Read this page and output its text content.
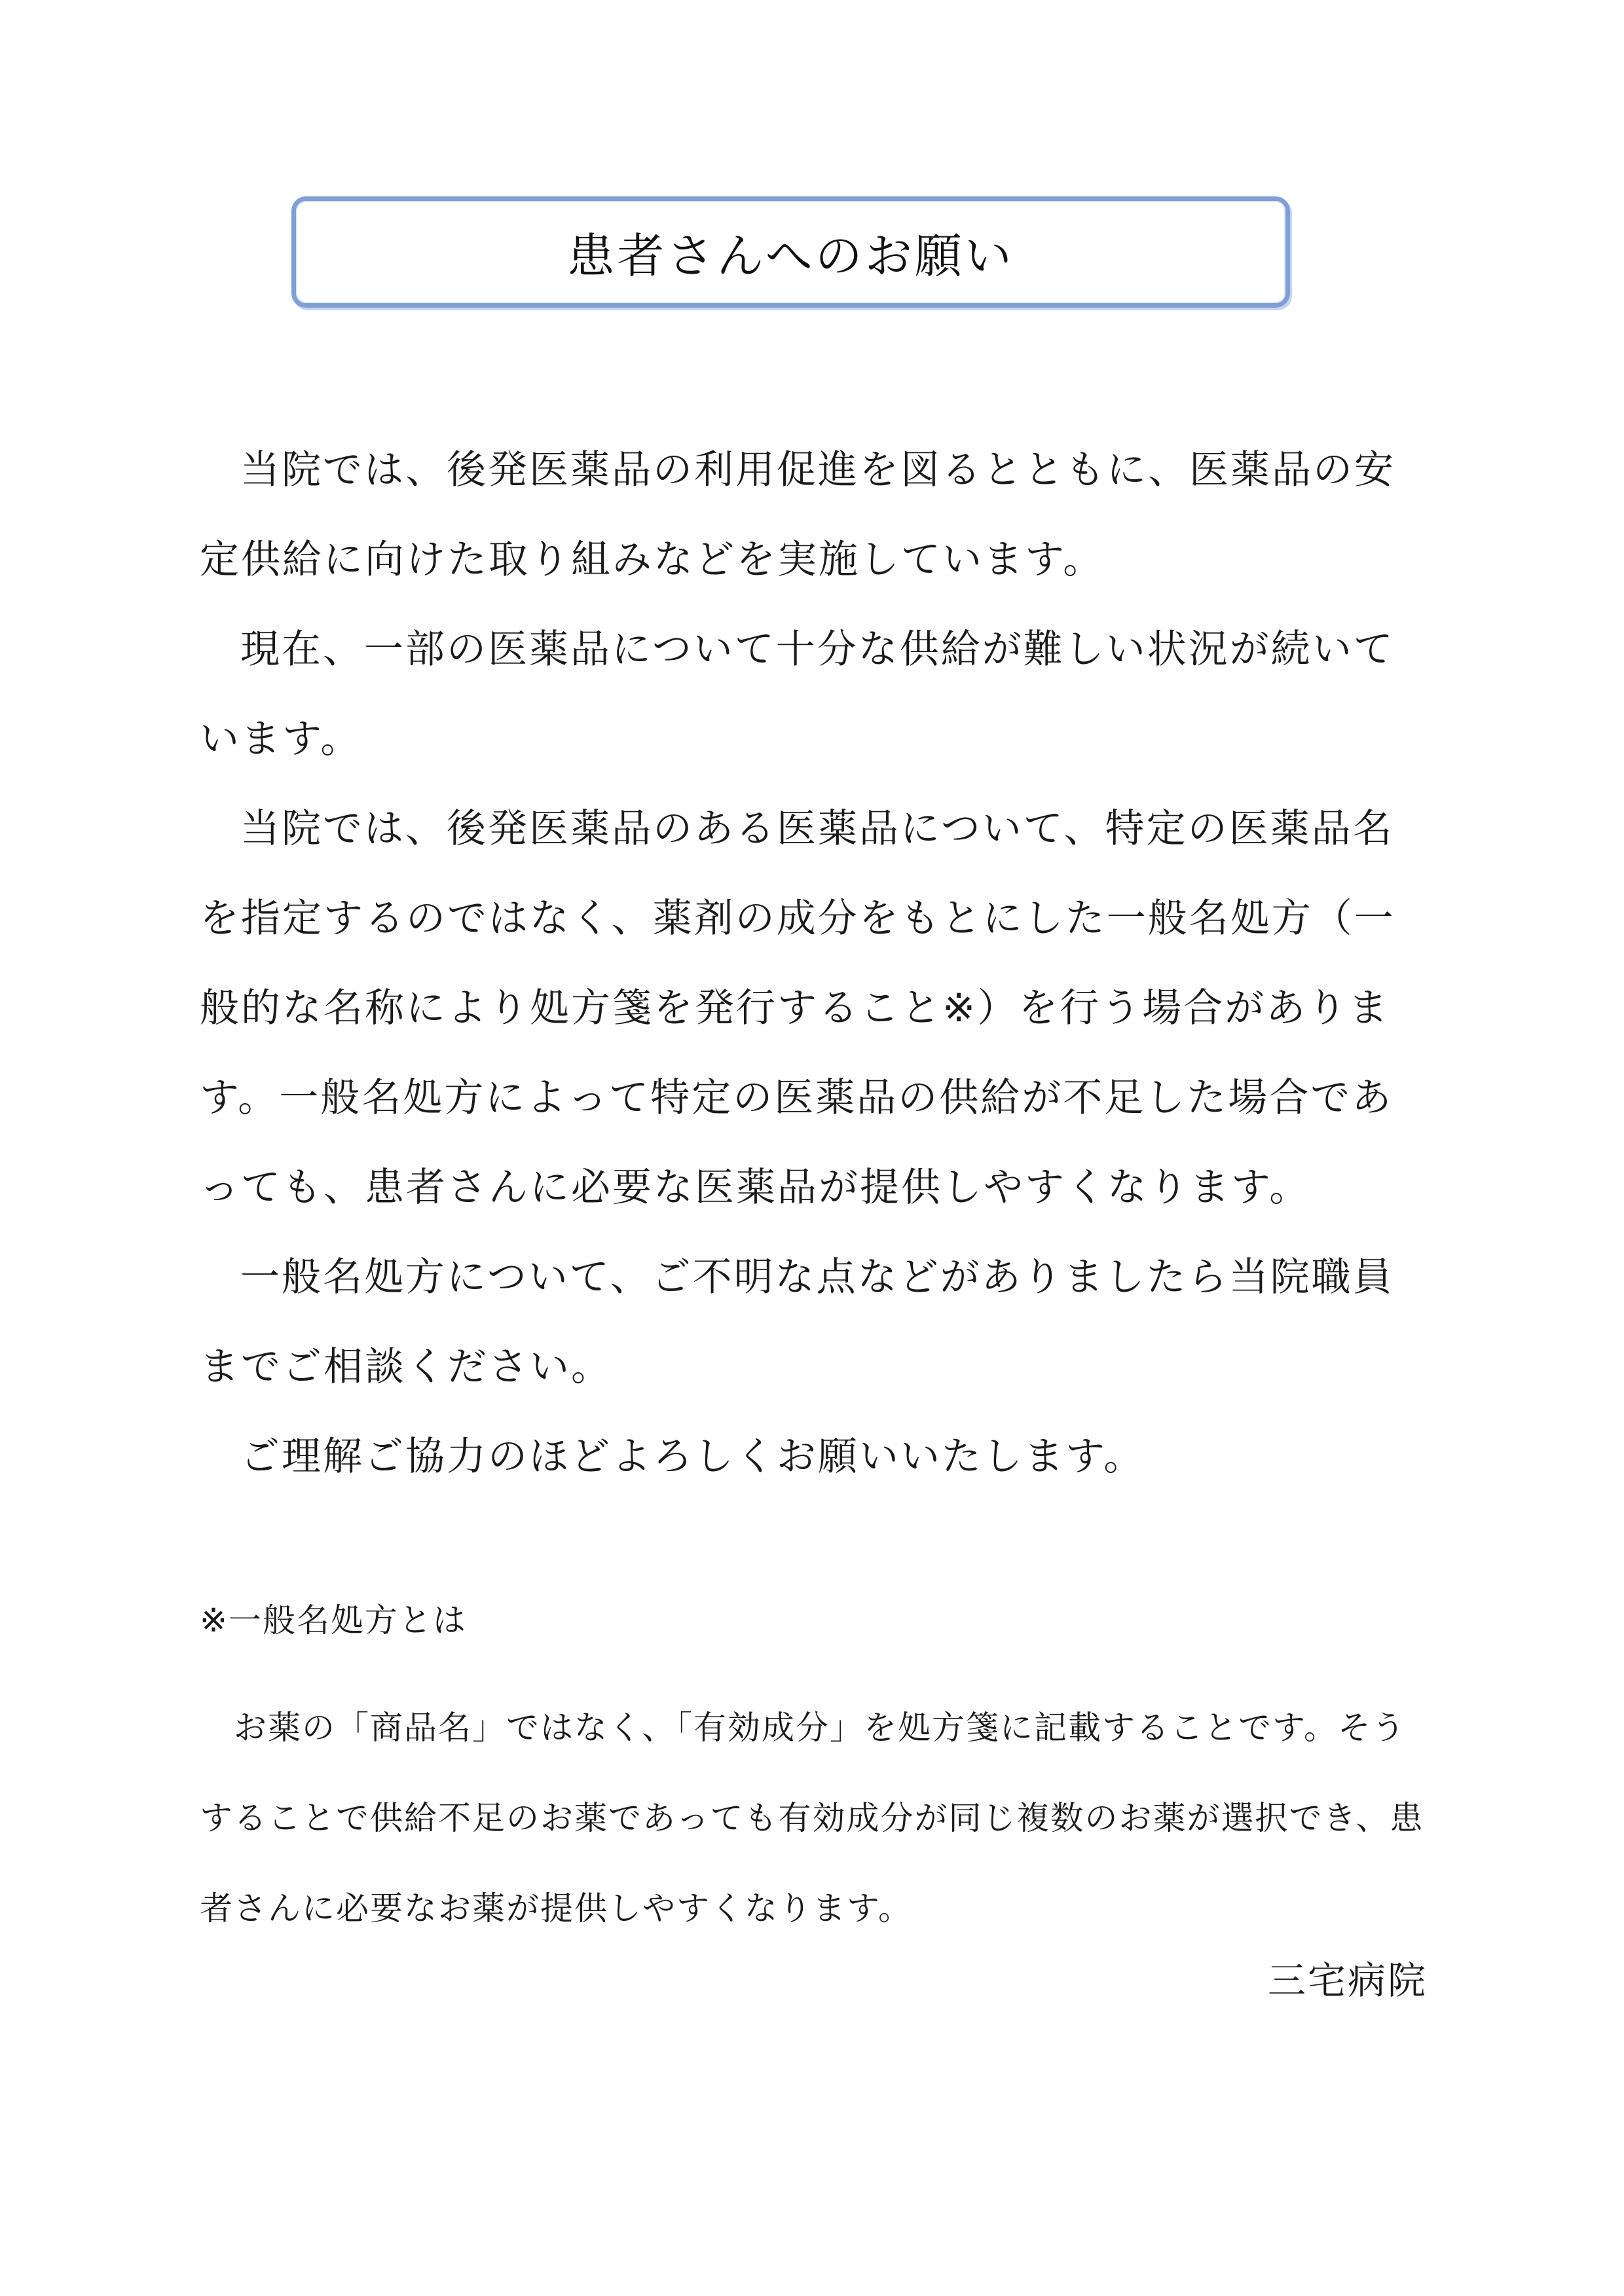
患者さんへのお願い

当院では、後発医薬品の利用促進を図るとともに、医薬品の安定供給に向けた取り組みなどを実施しています。

現在、一部の医薬品について十分な供給が難しい状況が続いています。

当院では、後発医薬品のある医薬品について、特定の医薬品名を指定するのではなく、薬剤の成分をもとにした一般名処方（一般的な名称により処方箋を発行すること※）を行う場合があります。一般名処方によって特定の医薬品の供給が不足した場合であっても、患者さんに必要な医薬品が提供しやすくなります。

一般名処方について、ご不明な点などがありましたら当院職員までご相談ください。

ご理解ご協力のほどよろしくお願いいたします。

※一般名処方とは

お薬の「商品名」ではなく、「有効成分」を処方箋に記載することです。そうすることで供給不足のお薬であっても有効成分が同じ複数のお薬が選択でき、患者さんに必要なお薬が提供しやすくなります。

三宅病院
